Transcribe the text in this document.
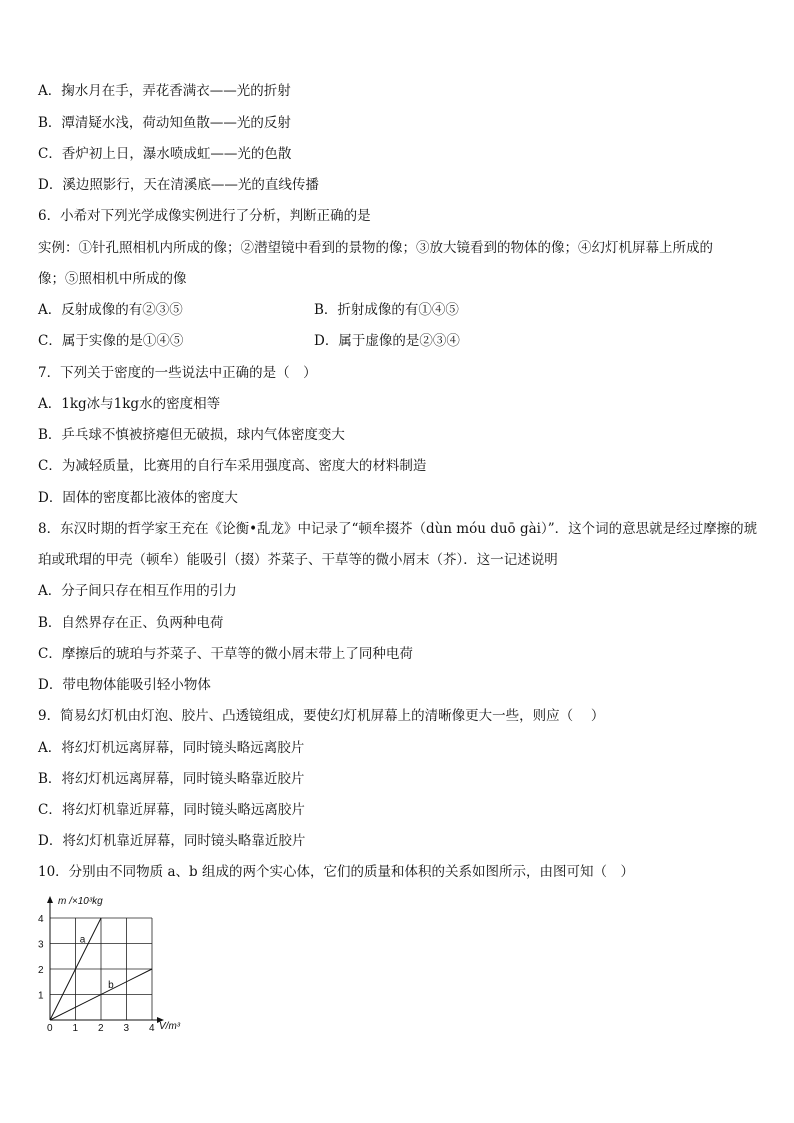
A．掬水月在手，弄花香满衣——光的折射
B．潭清疑水浅，荷动知鱼散——光的反射
C．香炉初上日，瀑水喷成虹——光的色散
D．溪边照影行，天在清溪底——光的直线传播
6．小希对下列光学成像实例进行了分析，判断正确的是
实例：①针孔照相机内所成的像；②潜望镜中看到的景物的像；③放大镜看到的物体的像；④幻灯机屏幕上所成的
像；⑤照相机中所成的像
A．反射成像的有②③⑤	B．折射成像的有①④⑤
C．属于实像的是①④⑤	D．属于虚像的是②③④
7．下列关于密度的一些说法中正确的是（　）
A．1kg冰与1kg水的密度相等
B．乒乓球不慎被挤瘪但无破损，球内气体密度变大
C．为减轻质量，比赛用的自行车采用强度高、密度大的材料制造
D．固体的密度都比液体的密度大
8．东汉时期的哲学家王充在《论衡•乱龙》中记录了“顿牟掇芥（dùn móu duō gài）”．这个词的意思就是经过摩擦的琥
珀或玳瑁的甲壳（顿牟）能吸引（掇）芥菜子、干草等的微小屑末（芥）．这一记述说明
A．分子间只存在相互作用的引力
B．自然界存在正、负两种电荷
C．摩擦后的琥珀与芥菜子、干草等的微小屑末带上了同种电荷
D．带电物体能吸引轻小物体
9．简易幻灯机由灯泡、胶片、凸透镜组成，要使幻灯机屏幕上的清晰像更大一些，则应（　 ）
A．将幻灯机远离屏幕，同时镜头略远离胶片
B．将幻灯机远离屏幕，同时镜头略靠近胶片
C．将幻灯机靠近屏幕，同时镜头略远离胶片
D．将幻灯机靠近屏幕，同时镜头略靠近胶片
10．分别由不同物质 a、b 组成的两个实心体，它们的质量和体积的关系如图所示，由图可知（　）
0 1 2 3 4
1
2
3
4
a
b
m /×10³kg
V/m³
